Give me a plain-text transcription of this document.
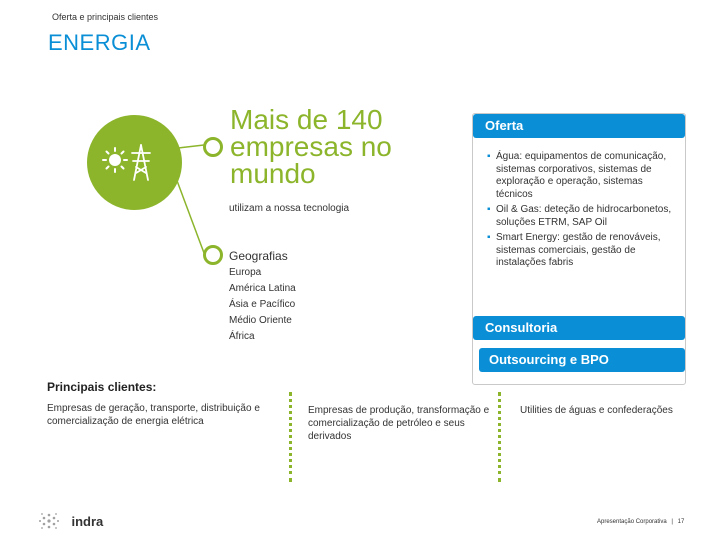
Oferta e principais clientes
ENERGIA
Mais de 140
empresas no
mundo
utilizam a nossa tecnologia
Geografias
Europa
América Latina
Ásia e Pacífico
Médio Oriente
África
Oferta
▪ Água: equipamentos de comunicação, sistemas corporativos, sistemas de exploração e operação, sistemas técnicos
▪ Oil & Gas: deteção de hidrocarbonetos, soluções ETRM, SAP Oil
▪ Smart Energy: gestão de renováveis, sistemas comerciais, gestão de instalações fabris
Consultoria
Outsourcing e BPO
Principais clientes:
Empresas de geração, transporte, distribuição e comercialização de energia elétrica
Empresas de produção, transformação e comercialização de petróleo e seus derivados
Utilities de águas e confederações
indra	Apresentação Corporativa | 17
